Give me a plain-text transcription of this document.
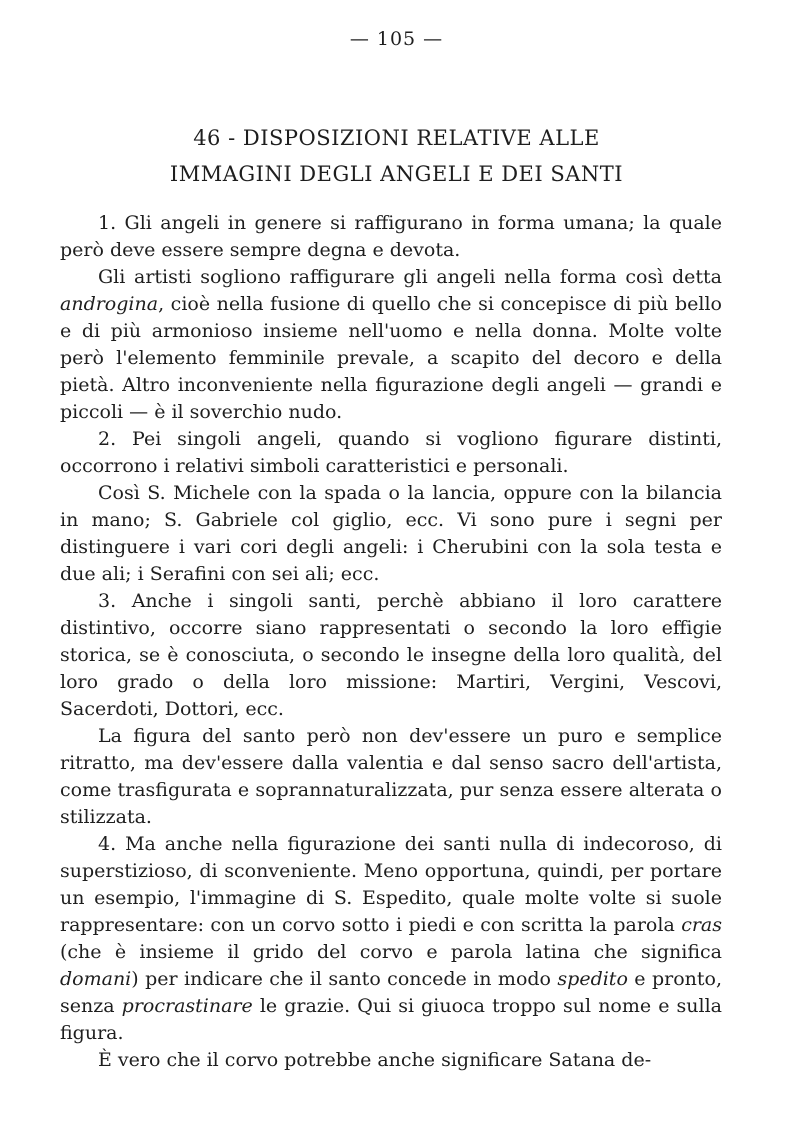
— 105 —
46 - DISPOSIZIONI RELATIVE ALLE
IMMAGINI DEGLI ANGELI E DEI SANTI

1. Gli angeli in genere si raffigurano in forma umana; la quale però deve essere sempre degna e devota.

Gli artisti sogliono raffigurare gli angeli nella forma così detta androgina, cioè nella fusione di quello che si concepisce di più bello e di più armonioso insieme nell'uomo e nella donna. Molte volte però l'elemento femminile prevale, a scapito del decoro e della pietà. Altro inconveniente nella figurazione degli angeli — grandi e piccoli — è il soverchio nudo.

2. Pei singoli angeli, quando si vogliono figurare distinti, occorrono i relativi simboli caratteristici e personali.

Così S. Michele con la spada o la lancia, oppure con la bilancia in mano; S. Gabriele col giglio, ecc. Vi sono pure i segni per distinguere i vari cori degli angeli: i Cherubini con la sola testa e due ali; i Serafini con sei ali; ecc.

3. Anche i singoli santi, perchè abbiano il loro carattere distintivo, occorre siano rappresentati o secondo la loro effigie storica, se è conosciuta, o secondo le insegne della loro qualità, del loro grado o della loro missione: Martiri, Vergini, Vescovi, Sacerdoti, Dottori, ecc.

La figura del santo però non dev'essere un puro e semplice ritratto, ma dev'essere dalla valentia e dal senso sacro dell'artista, come trasfigurata e soprannaturalizzata, pur senza essere alterata o stilizzata.

4. Ma anche nella figurazione dei santi nulla di indecoroso, di superstizioso, di sconveniente. Meno opportuna, quindi, per portare un esempio, l'immagine di S. Espedito, quale molte volte si suole rappresentare: con un corvo sotto i piedi e con scritta la parola cras (che è insieme il grido del corvo e parola latina che significa domani) per indicare che il santo concede in modo spedito e pronto, senza procrastinare le grazie. Qui si giuoca troppo sul nome e sulla figura.

È vero che il corvo potrebbe anche significare Satana de-
